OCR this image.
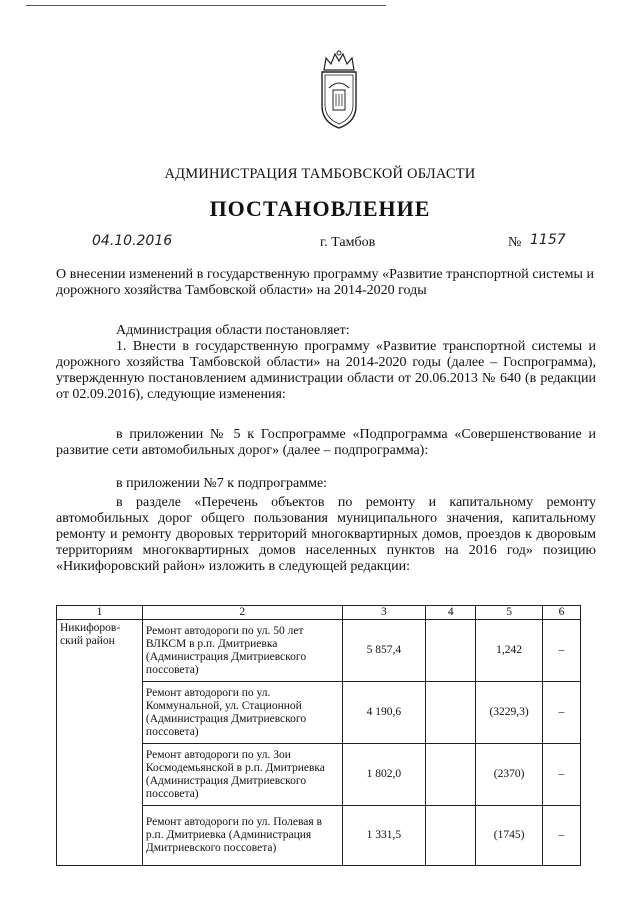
АДМИНИСТРАЦИЯ ТАМБОВСКОЙ ОБЛАСТИ
ПОСТАНОВЛЕНИЕ
04.10.2016	г. Тамбов	№ 1157
О внесении изменений в государственную программу «Развитие транспортной системы и дорожного хозяйства Тамбовской области» на 2014-2020 годы
Администрация области постановляет:
1. Внести в государственную программу «Развитие транспортной системы и дорожного хозяйства Тамбовской области» на 2014-2020 годы (далее – Госпрограмма), утвержденную постановлением администрации области от 20.06.2013 № 640 (в редакции от 02.09.2016), следующие изменения:
в приложении № 5 к Госпрограмме «Подпрограмма «Совершенствование и развитие сети автомобильных дорог» (далее – подпрограмма):
в приложении №7 к подпрограмме:
в разделе «Перечень объектов по ремонту и капитальному ремонту автомобильных дорог общего пользования муниципального значения, капитальному ремонту и ремонту дворовых территорий многоквартирных домов, проездов к дворовым территориям многоквартирных домов населенных пунктов на 2016 год» позицию «Никифоровский район» изложить в следующей редакции:
1	2	3	4	5	6
Никифоров-ский район	Ремонт автодороги по ул. 50 лет ВЛКСМ в р.п. Дмитриевка (Администрация Дмитриевского поссовета)	5 857,4		1,242	–
	Ремонт автодороги по ул. Коммунальной, ул. Стационной (Администрация Дмитриевского поссовета)	4 190,6		(3229,3)	–
	Ремонт автодороги по ул. Зои Космодемьянской в р.п. Дмитриевка (Администрация Дмитриевского поссовета)	1 802,0		(2370)	–
	Ремонт автодороги по ул. Полевая в р.п. Дмитриевка (Администрация Дмитриевского поссовета)	1 331,5		(1745)	–
